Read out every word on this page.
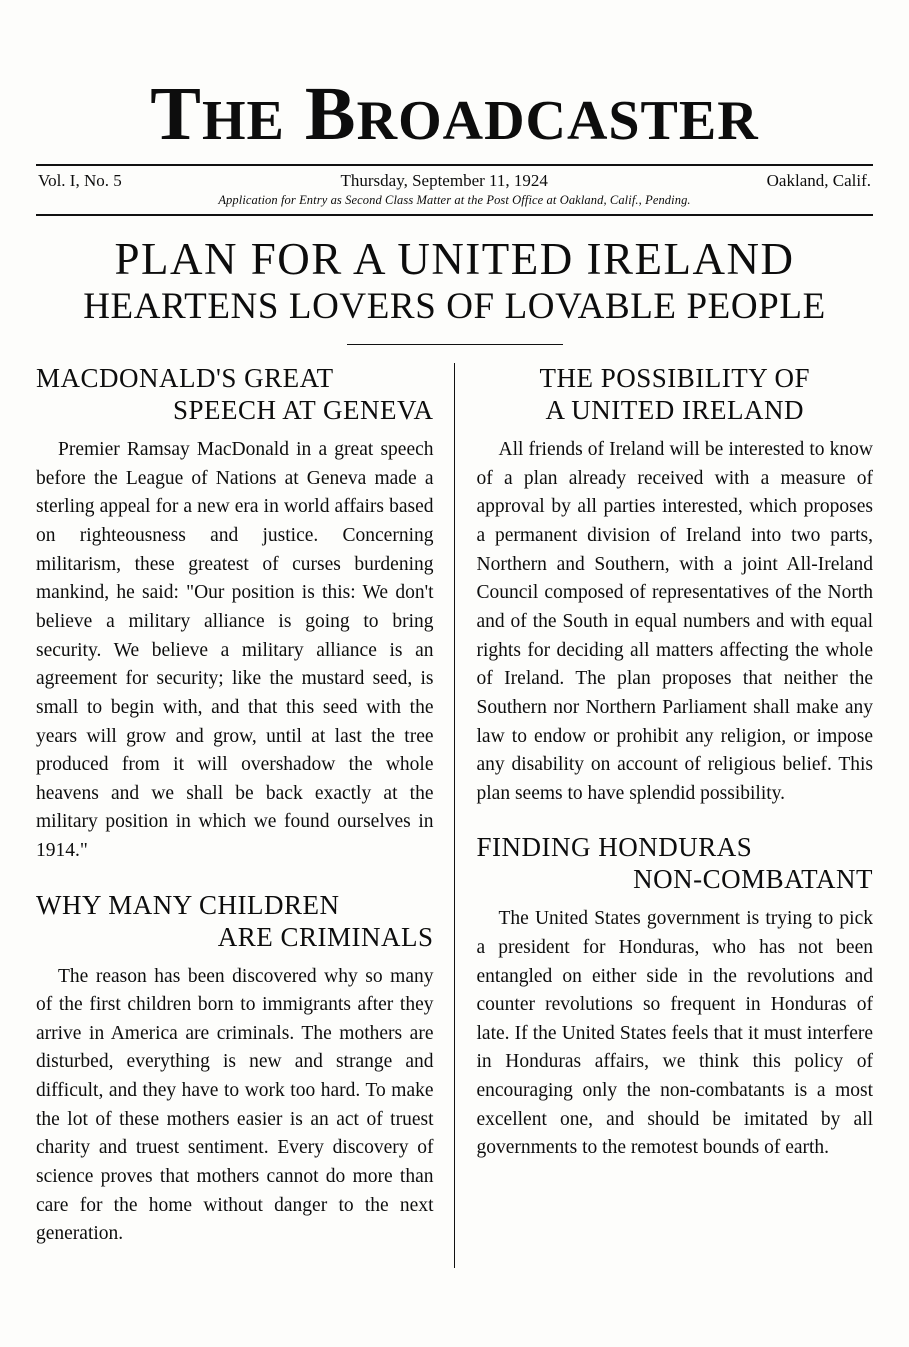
THE BROADCASTER
Vol. I, No. 5	Thursday, September 11, 1924	Oakland, Calif.
Application for Entry as Second Class Matter at the Post Office at Oakland, Calif., Pending.
PLAN FOR A UNITED IRELAND
HEARTENS LOVERS OF LOVABLE PEOPLE
MACDONALD'S GREAT
SPEECH AT GENEVA

Premier Ramsay MacDonald in a great speech before the League of Nations at Geneva made a sterling appeal for a new era in world affairs based on righteousness and justice. Concerning militarism, these greatest of curses burdening mankind, he said: "Our position is this: We don't believe a military alliance is going to bring security. We believe a military alliance is an agreement for security; like the mustard seed, is small to begin with, and that this seed with the years will grow and grow, until at last the tree produced from it will overshadow the whole heavens and we shall be back exactly at the military position in which we found ourselves in 1914."

WHY MANY CHILDREN
ARE CRIMINALS

The reason has been discovered why so many of the first children born to immigrants after they arrive in America are criminals. The mothers are disturbed, everything is new and strange and difficult, and they have to work too hard. To make the lot of these mothers easier is an act of truest charity and truest sentiment. Every discovery of science proves that mothers cannot do more than care for the home without danger to the next generation.

THE POSSIBILITY OF
A UNITED IRELAND

All friends of Ireland will be interested to know of a plan already received with a measure of approval by all parties interested, which proposes a permanent division of Ireland into two parts, Northern and Southern, with a joint All-Ireland Council composed of representatives of the North and of the South in equal numbers and with equal rights for deciding all matters affecting the whole of Ireland. The plan proposes that neither the Southern nor Northern Parliament shall make any law to endow or prohibit any religion, or impose any disability on account of religious belief. This plan seems to have splendid possibility.

FINDING HONDURAS
NON-COMBATANT

The United States government is trying to pick a president for Honduras, who has not been entangled on either side in the revolutions and counter revolutions so frequent in Honduras of late. If the United States feels that it must interfere in Honduras affairs, we think this policy of encouraging only the non-combatants is a most excellent one, and should be imitated by all governments to the remotest bounds of earth.
